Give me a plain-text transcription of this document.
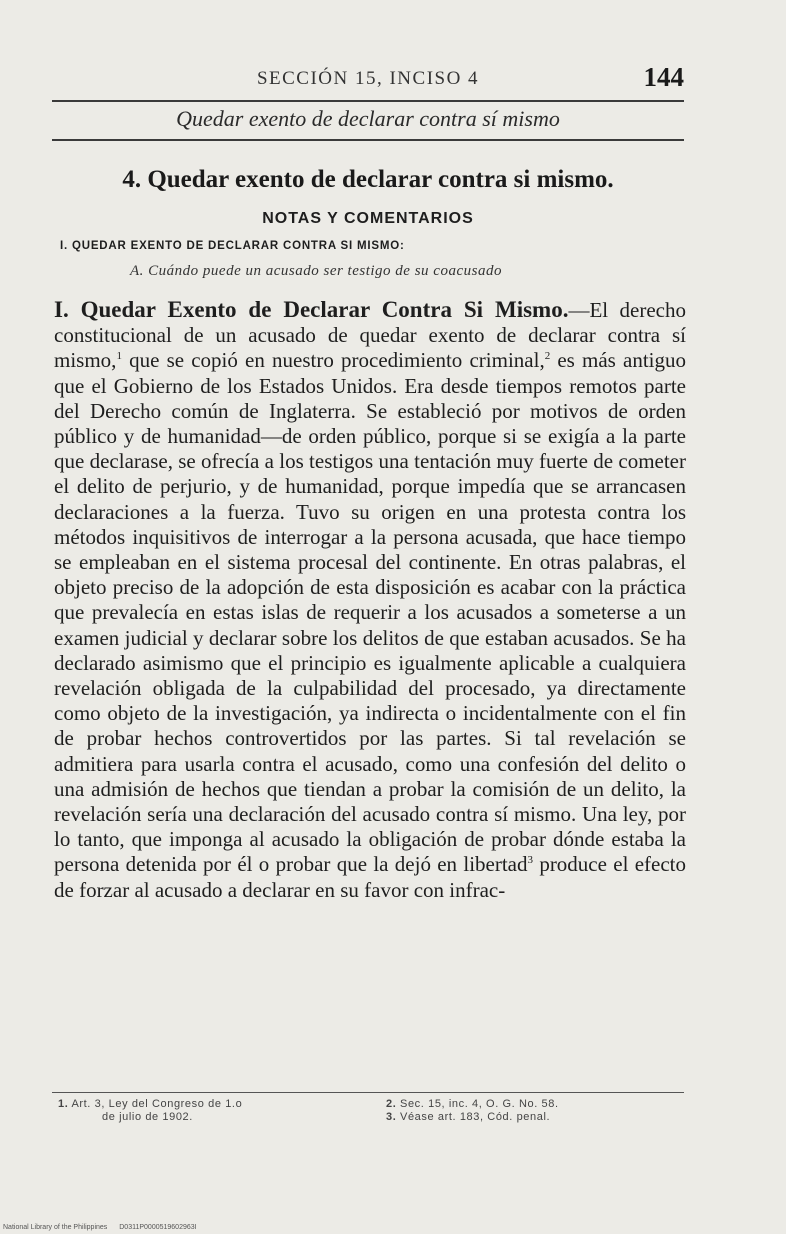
SECCIÓN 15, INCISO 4	144
Quedar exento de declarar contra sí mismo
4. Quedar exento de declarar contra si mismo.
NOTAS Y COMENTARIOS
I. QUEDAR EXENTO DE DECLARAR CONTRA SI MISMO:
A. Cuándo puede un acusado ser testigo de su coacusado
I. Quedar Exento de Declarar Contra Si Mismo.—El derecho constitucional de un acusado de quedar exento de declarar contra sí mismo,$^1$ que se copió en nuestro procedimiento criminal,$^2$ es más antiguo que el Gobierno de los Estados Unidos. Era desde tiempos remotos parte del Derecho común de Inglaterra. Se estableció por motivos de orden público y de humanidad—de orden público, porque si se exigía a la parte que declarase, se ofrecía a los testigos una tentación muy fuerte de cometer el delito de perjurio, y de humanidad, porque impedía que se arrancasen declaraciones a la fuerza. Tuvo su origen en una protesta contra los métodos inquisitivos de interrogar a la persona acusada, que hace tiempo se empleaban en el sistema procesal del continente. En otras palabras, el objeto preciso de la adopción de esta disposición es acabar con la práctica que prevalecía en estas islas de requerir a los acusados a someterse a un examen judicial y declarar sobre los delitos de que estaban acusados. Se ha declarado asimismo que el principio es igualmente aplicable a cualquiera revelación obligada de la culpabilidad del procesado, ya directamente como objeto de la investigación, ya indirecta o incidentalmente con el fin de probar hechos controvertidos por las partes. Si tal revelación se admitiera para usarla contra el acusado, como una confesión del delito o una admisión de hechos que tiendan a probar la comisión de un delito, la revelación sería una declaración del acusado contra sí mismo. Una ley, por lo tanto, que imponga al acusado la obligación de probar dónde estaba la persona detenida por él o probar que la dejó en libertad$^3$ produce el efecto de forzar al acusado a declarar en su favor con infrac-
1. Art. 3, Ley del Congreso de 1.o
de julio de 1902.
2. Sec. 15, inc. 4, O. G. No. 58.
3. Véase art. 183, Cód. penal.
National Library of the Philippines D0311P0000519602963I
